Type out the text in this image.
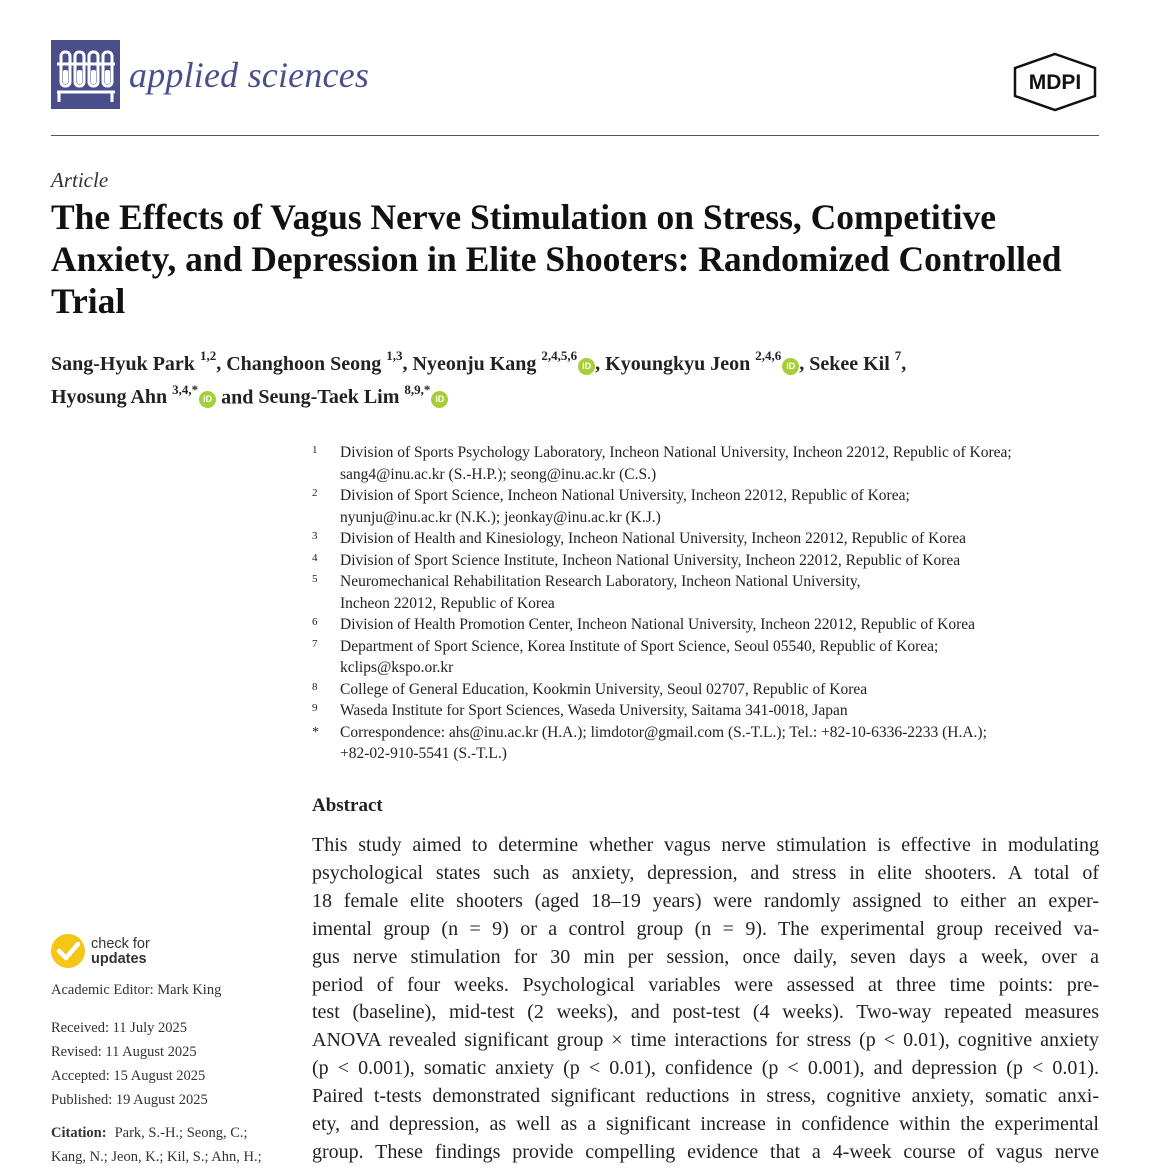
applied sciences	MDPI
Article
The Effects of Vagus Nerve Stimulation on Stress, Competitive Anxiety, and Depression in Elite Shooters: Randomized Controlled Trial
Sang-Hyuk Park $^{1,2}$, Changhoon Seong $^{1,3}$, Nyeonju Kang $^{2,4,5,6}$iD , Kyoungkyu Jeon $^{2,4,6}$iD , Sekee Kil $^7$,
Hyosung Ahn $^{3,4,*}$iD and Seung-Taek Lim $^{8,9,*}$iD
1 Division of Sports Psychology Laboratory, Incheon National University, Incheon 22012, Republic of Korea;
sang4@inu.ac.kr (S.-H.P.); seong@inu.ac.kr (C.S.)
2 Division of Sport Science, Incheon National University, Incheon 22012, Republic of Korea;
nyunju@inu.ac.kr (N.K.); jeonkay@inu.ac.kr (K.J.)
3 Division of Health and Kinesiology, Incheon National University, Incheon 22012, Republic of Korea
4 Division of Sport Science Institute, Incheon National University, Incheon 22012, Republic of Korea
5 Neuromechanical Rehabilitation Research Laboratory, Incheon National University,
Incheon 22012, Republic of Korea
6 Division of Health Promotion Center, Incheon National University, Incheon 22012, Republic of Korea
7 Department of Sport Science, Korea Institute of Sport Science, Seoul 05540, Republic of Korea;
kclips@kspo.or.kr
8 College of General Education, Kookmin University, Seoul 02707, Republic of Korea
9 Waseda Institute for Sport Sciences, Waseda University, Saitama 341-0018, Japan
* Correspondence: ahs@inu.ac.kr (H.A.); limdotor@gmail.com (S.-T.L.); Tel.: +82-10-6336-2233 (H.A.);
+82-02-910-5541 (S.-T.L.)
Abstract
This study aimed to determine whether vagus nerve stimulation is effective in modulating
psychological states such as anxiety, depression, and stress in elite shooters. A total of
18 female elite shooters (aged 18–19 years) were randomly assigned to either an exper-
imental group (n = 9) or a control group (n = 9). The experimental group received va-
gus nerve stimulation for 30 min per session, once daily, seven days a week, over a
period of four weeks. Psychological variables were assessed at three time points: pre-
test (baseline), mid-test (2 weeks), and post-test (4 weeks). Two-way repeated measures
ANOVA revealed significant group × time interactions for stress (p < 0.01), cognitive anxiety
(p < 0.001), somatic anxiety (p < 0.01), confidence (p < 0.001), and depression (p < 0.01).
Paired t-tests demonstrated significant reductions in stress, cognitive anxiety, somatic anxi-
ety, and depression, as well as a significant increase in confidence within the experimental
group. These findings provide compelling evidence that a 4-week course of vagus nerve
check for
updates
Academic Editor: Mark King
Received: 11 July 2025
Revised: 11 August 2025
Accepted: 15 August 2025
Published: 19 August 2025
Citation: Park, S.-H.; Seong, C.;
Kang, N.; Jeon, K.; Kil, S.; Ahn, H.;
